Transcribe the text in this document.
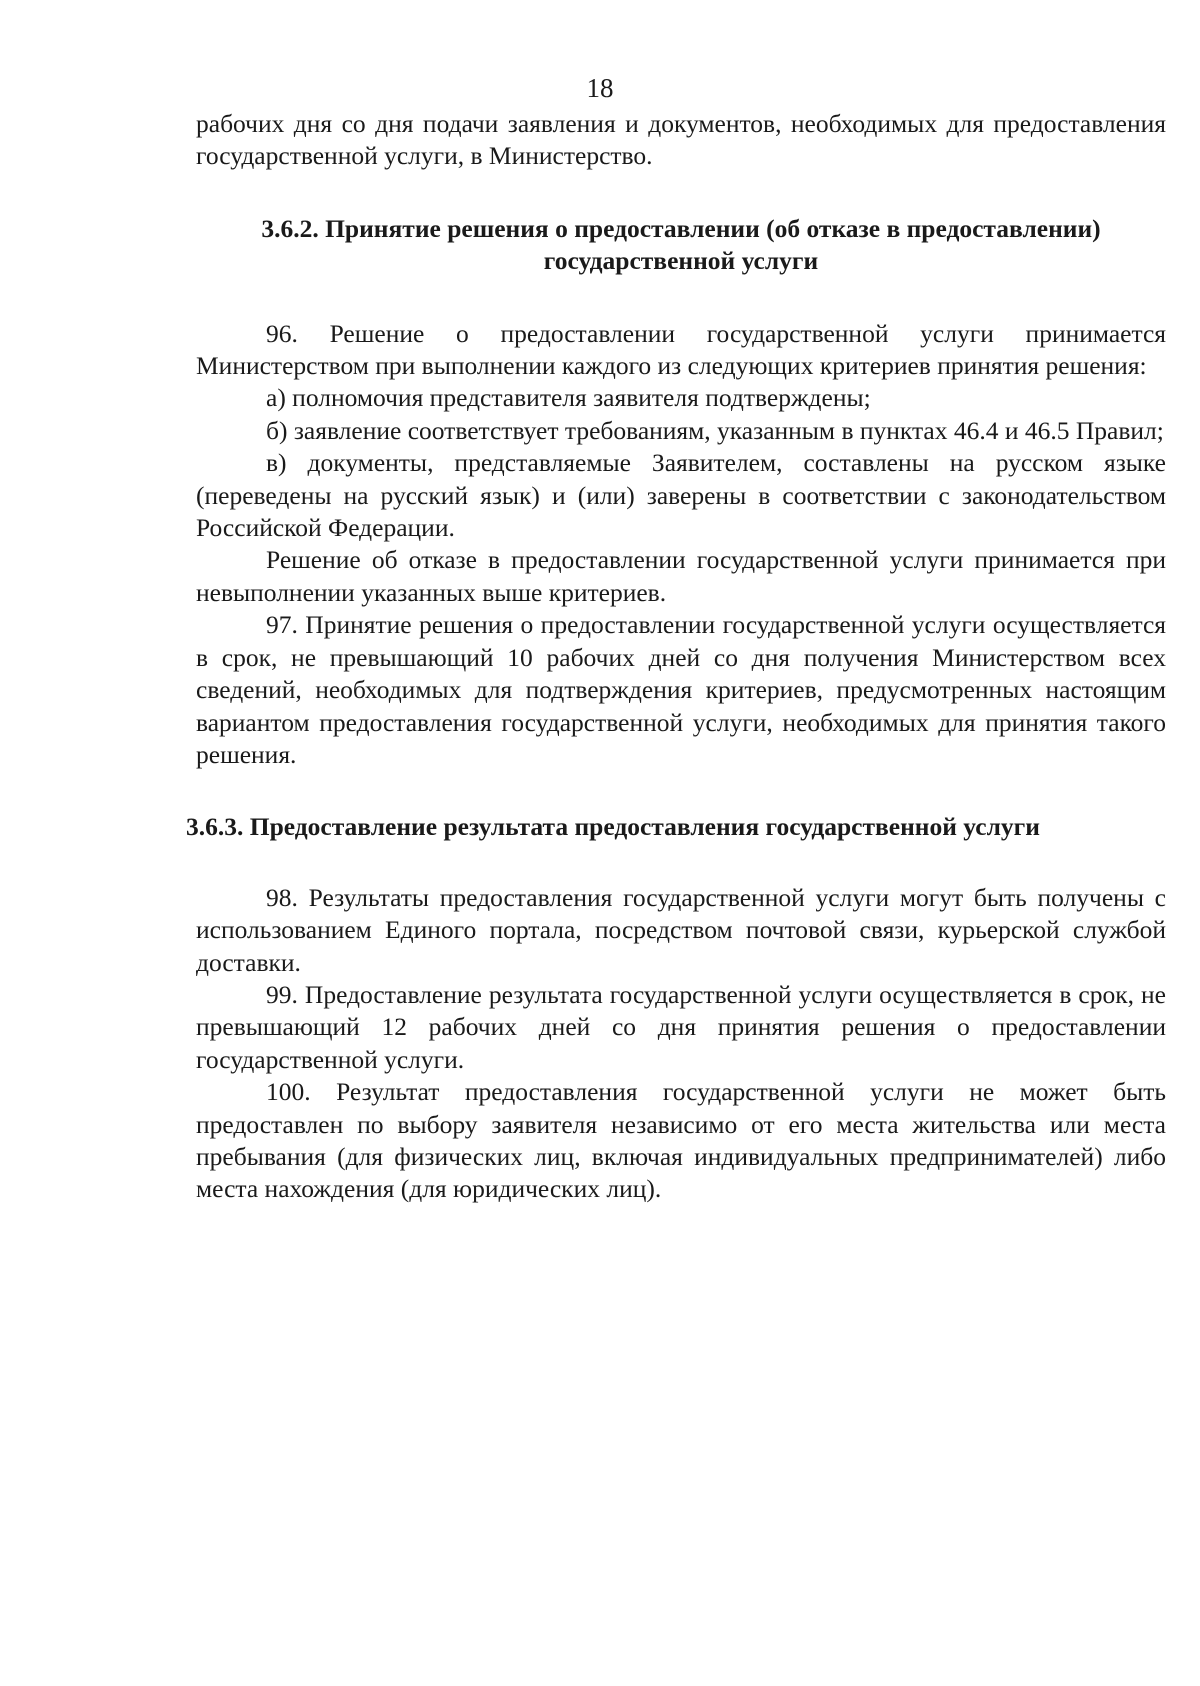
18

рабочих дня со дня подачи заявления и документов, необходимых для предоставления государственной услуги, в Министерство.

3.6.2. Принятие решения о предоставлении (об отказе в предоставлении) государственной услуги

96. Решение о предоставлении государственной услуги принимается Министерством при выполнении каждого из следующих критериев принятия решения:

а) полномочия представителя заявителя подтверждены;

б) заявление соответствует требованиям, указанным в пунктах 46.4 и 46.5 Правил;

в) документы, представляемые Заявителем, составлены на русском языке (переведены на русский язык) и (или) заверены в соответствии с законодательством Российской Федерации.

Решение об отказе в предоставлении государственной услуги принимается при невыполнении указанных выше критериев.

97. Принятие решения о предоставлении государственной услуги осуществляется в срок, не превышающий 10 рабочих дней со дня получения Министерством всех сведений, необходимых для подтверждения критериев, предусмотренных настоящим вариантом предоставления государственной услуги, необходимых для принятия такого решения.

3.6.3. Предоставление результата предоставления государственной услуги

98. Результаты предоставления государственной услуги могут быть получены с использованием Единого портала, посредством почтовой связи, курьерской службой доставки.

99. Предоставление результата государственной услуги осуществляется в срок, не превышающий 12 рабочих дней со дня принятия решения о предоставлении государственной услуги.

100. Результат предоставления государственной услуги не может быть предоставлен по выбору заявителя независимо от его места жительства или места пребывания (для физических лиц, включая индивидуальных предпринимателей) либо места нахождения (для юридических лиц).
